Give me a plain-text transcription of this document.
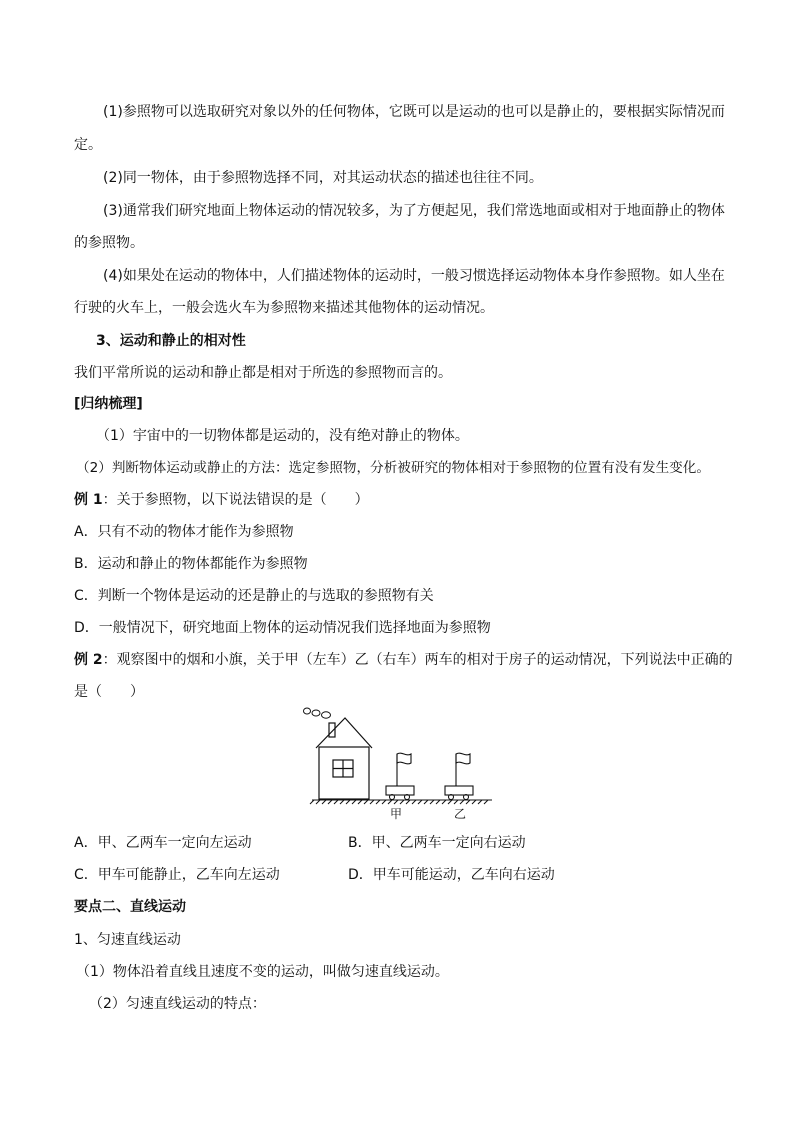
(1)参照物可以选取研究对象以外的任何物体，它既可以是运动的也可以是静止的，要根据实际情况而
定。
(2)同一物体，由于参照物选择不同，对其运动状态的描述也往往不同。
(3)通常我们研究地面上物体运动的情况较多，为了方便起见，我们常选地面或相对于地面静止的物体
的参照物。
(4)如果处在运动的物体中，人们描述物体的运动时，一般习惯选择运动物体本身作参照物。如人坐在
行驶的火车上，一般会选火车为参照物来描述其他物体的运动情况。
3、运动和静止的相对性
我们平常所说的运动和静止都是相对于所选的参照物而言的。
[归纳梳理]
（1）宇宙中的一切物体都是运动的，没有绝对静止的物体。
（2）判断物体运动或静止的方法：选定参照物，分析被研究的物体相对于参照物的位置有没有发生变化。
例 1：关于参照物，以下说法错误的是（　　）
A．只有不动的物体才能作为参照物
B．运动和静止的物体都能作为参照物
C．判断一个物体是运动的还是静止的与选取的参照物有关
D．一般情况下，研究地面上物体的运动情况我们选择地面为参照物
例 2：观察图中的烟和小旗，关于甲（左车）乙（右车）两车的相对于房子的运动情况，下列说法中正确的
是（　　）
甲	乙
A．甲、乙两车一定向左运动	B．甲、乙两车一定向右运动
C．甲车可能静止，乙车向左运动	D．甲车可能运动，乙车向右运动
要点二、直线运动
1、匀速直线运动
（1）物体沿着直线且速度不变的运动，叫做匀速直线运动。
（2）匀速直线运动的特点：
